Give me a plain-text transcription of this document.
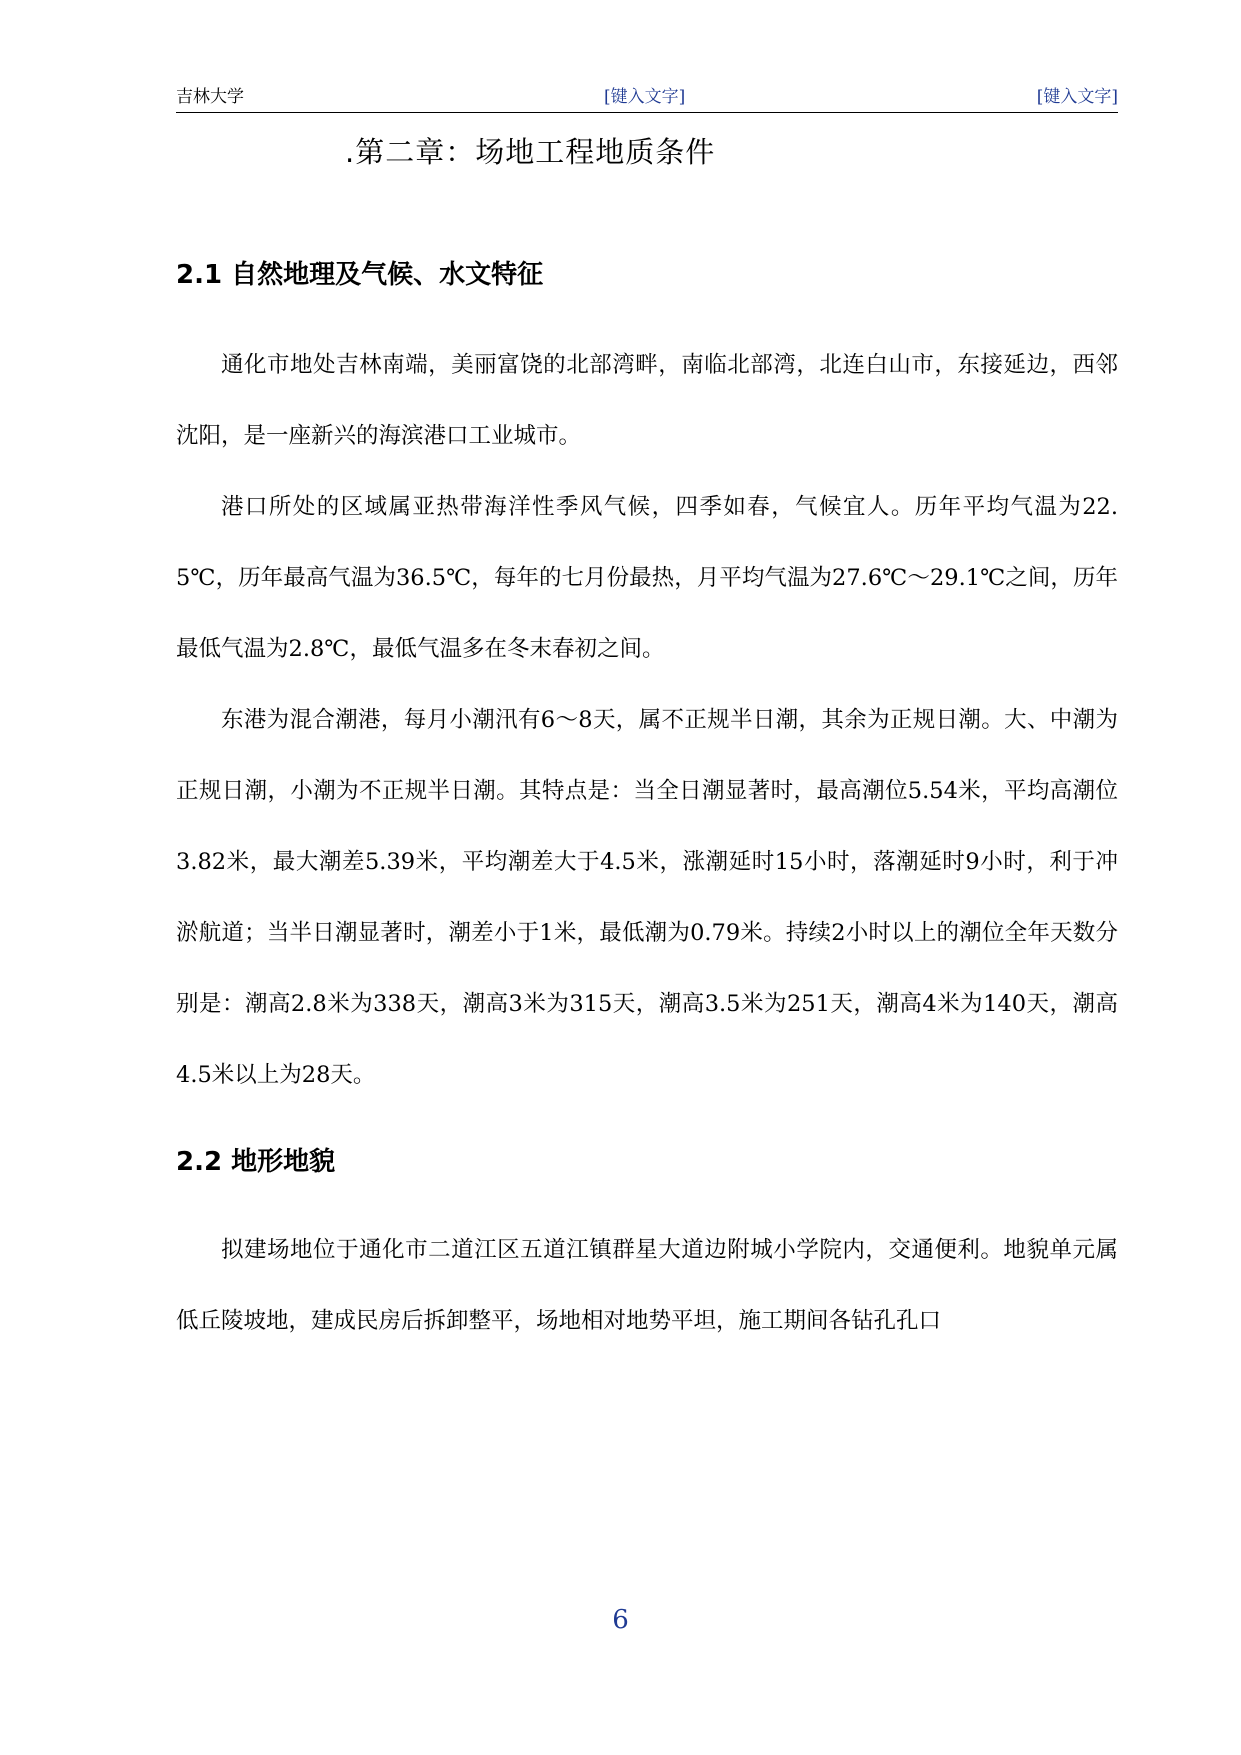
吉林大学	[键入文字]	[键入文字]
.第二章：场地工程地质条件
2.1 自然地理及气候、水文特征

通化市地处吉林南端，美丽富饶的北部湾畔，南临北部湾，北连白山市，东接延边，西邻沈阳，是一座新兴的海滨港口工业城市。

港口所处的区域属亚热带海洋性季风气候，四季如春，气候宜人。历年平均气温为22.5℃，历年最高气温为36.5℃，每年的七月份最热，月平均气温为27.6℃～29.1℃之间，历年最低气温为2.8℃，最低气温多在冬末春初之间。

东港为混合潮港，每月小潮汛有6～8天，属不正规半日潮，其余为正规日潮。大、中潮为正规日潮，小潮为不正规半日潮。其特点是：当全日潮显著时，最高潮位5.54米，平均高潮位3.82米，最大潮差5.39米，平均潮差大于4.5米，涨潮延时15小时，落潮延时9小时，利于冲淤航道；当半日潮显著时，潮差小于1米，最低潮为0.79米。持续2小时以上的潮位全年天数分别是：潮高2.8米为338天，潮高3米为315天，潮高3.5米为251天，潮高4米为140天，潮高4.5米以上为28天。

2.2 地形地貌

拟建场地位于通化市二道江区五道江镇群星大道边附城小学院内，交通便利。地貌单元属低丘陵坡地，建成民房后拆卸整平，场地相对地势平坦，施工期间各钻孔孔口

6
